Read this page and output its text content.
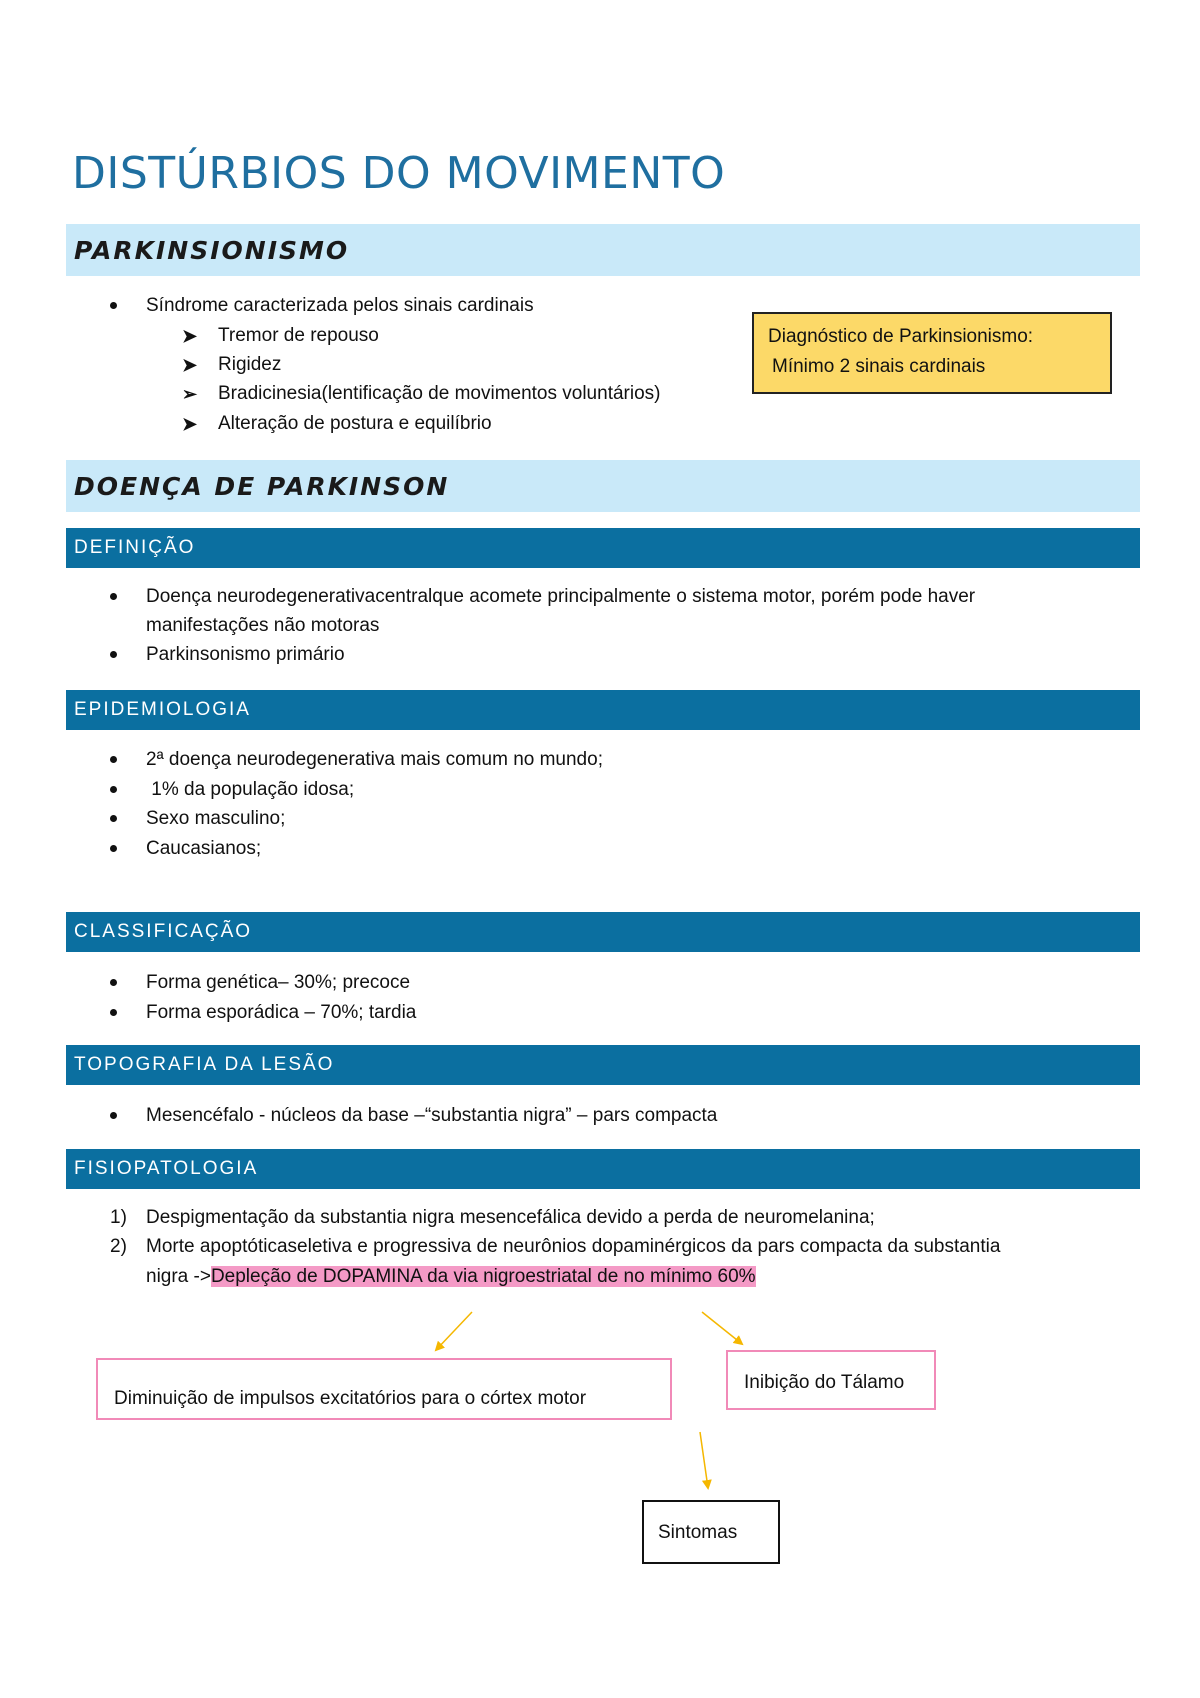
DISTÚRBIOS DO MOVIMENTO
PARKINSIONISMO
Síndrome caracterizada pelos sinais cardinais
➤ Tremor de repouso
➤ Rigidez
➢ Bradicinesia(lentificação de movimentos voluntários)
➤ Alteração de postura e equilíbrio
Diagnóstico de Parkinsionismo:
Mínimo 2 sinais cardinais
DOENÇA DE PARKINSON
DEFINIÇÃO
Doença neurodegenerativacentralque acomete principalmente o sistema motor, porém pode haver
manifestações não motoras
Parkinsonismo primário
EPIDEMIOLOGIA
2ª doença neurodegenerativa mais comum no mundo;
1% da população idosa;
Sexo masculino;
Caucasianos;
CLASSIFICAÇÃO
Forma genética– 30%; precoce
Forma esporádica – 70%; tardia
TOPOGRAFIA DA LESÃO
Mesencéfalo - núcleos da base –“substantia nigra” – pars compacta
FISIOPATOLOGIA
1) Despigmentação da substantia nigra mesencefálica devido a perda de neuromelanina;
2) Morte apoptóticaseletiva e progressiva de neurônios dopaminérgicos da pars compacta da substantia
nigra ->Depleção de DOPAMINA da via nigroestriatal de no mínimo 60%
Diminuição de impulsos excitatórios para o córtex motor
Inibição do Tálamo
Sintomas
